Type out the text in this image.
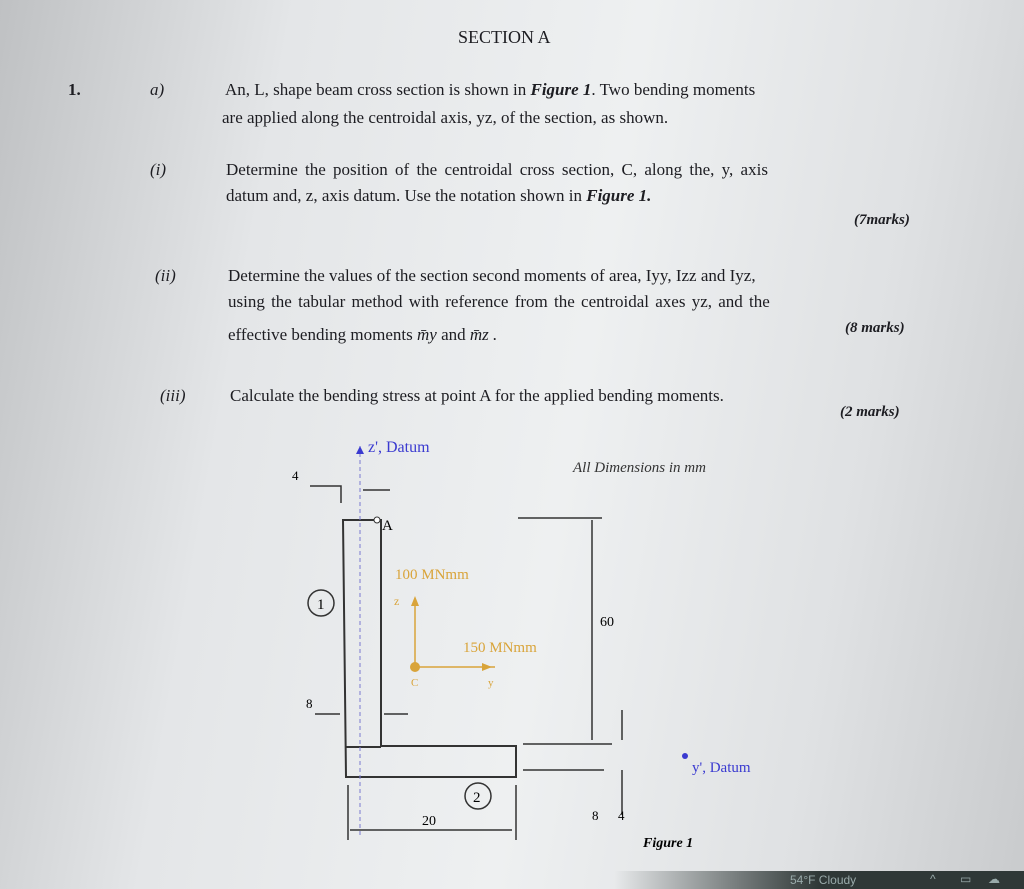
SECTION A
1.	a)	An, L, shape beam cross section is shown in Figure 1. Two bending moments
are applied along the centroidal axis, yz, of the section, as shown.
(i)	Determine the position of the centroidal cross section, C, along the, y, axis
datum and, z, axis datum. Use the notation shown in Figure 1.
(7marks)
(ii)	Determine the values of the section second moments of area, Iyy, Izz and Iyz,
using the tabular method with reference from the centroidal axes yz, and the
effective bending moments m̄y and m̄z .	(8 marks)
(iii)	Calculate the bending stress at point A for the applied bending moments.
(2 marks)
z', Datum
All Dimensions in mm
A
4
8
60
20	8 4
1
2
C
z
y
100 MNmm
150 MNmm
y', Datum
Figure 1
54°F Cloudy	^ ▭ ☁
